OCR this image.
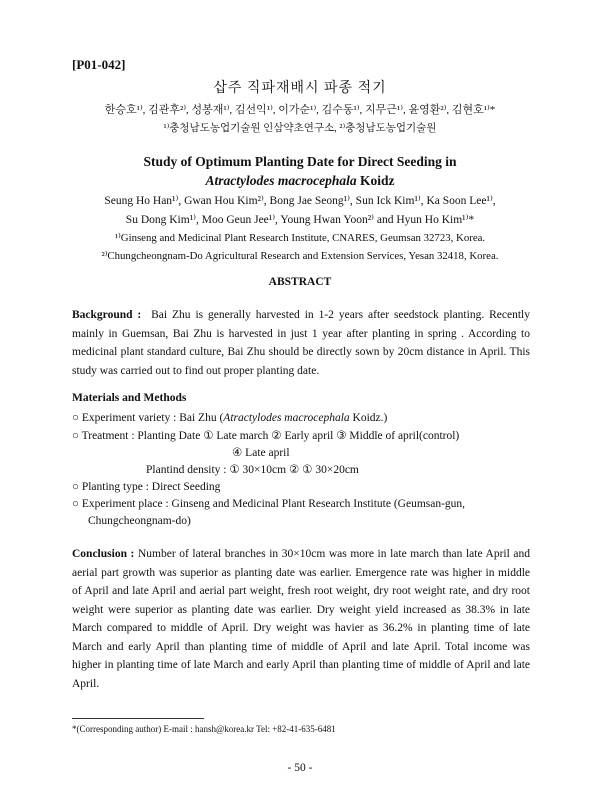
[P01-042]
삽주 직파재배시 파종 적기
한승호¹⁾, 김관후²⁾, 성봉재¹⁾, 김선익¹⁾, 이가순¹⁾, 김수동¹⁾, 지무근¹⁾, 윤영환²⁾, 김현호¹⁾*
¹⁾충청남도농업기술원 인삼약초연구소, ²⁾충청남도농업기술원
Study of Optimum Planting Date for Direct Seeding in
Atractylodes macrocephala Koidz
Seung Ho Han¹⁾, Gwan Hou Kim²⁾, Bong Jae Seong¹⁾, Sun Ick Kim¹⁾, Ka Soon Lee¹⁾,
Su Dong Kim¹⁾, Moo Geun Jee¹⁾, Young Hwan Yoon²⁾ and Hyun Ho Kim¹⁾*
¹⁾Ginseng and Medicinal Plant Research Institute, CNARES, Geumsan 32723, Korea.
²⁾Chungcheongnam-Do Agricultural Research and Extension Services, Yesan 32418, Korea.
ABSTRACT
Background : Bai Zhu is generally harvested in 1-2 years after seedstock planting. Recently mainly in Guemsan, Bai Zhu is harvested in just 1 year after planting in spring . According to medicinal plant standard culture, Bai Zhu should be directly sown by 20cm distance in April. This study was carried out to find out proper planting date.
Materials and Methods
○ Experiment variety : Bai Zhu (Atractylodes macrocephala Koidz.)
○ Treatment : Planting Date ① Late march ② Early april ③ Middle of april(control)
④ Late april
Plantind density : ① 30×10cm ② ① 30×20cm
○ Planting type : Direct Seeding
○ Experiment place : Ginseng and Medicinal Plant Research Institute (Geumsan-gun,
Chungcheongnam-do)
Conclusion : Number of lateral branches in 30×10cm was more in late march than late April and aerial part growth was superior as planting date was earlier. Emergence rate was higher in middle of April and late April and aerial part weight, fresh root weight, dry root weight rate, and dry root weight were superior as planting date was earlier. Dry weight yield increased as 38.3% in late March compared to middle of April. Dry weight was havier as 36.2% in planting time of late March and early April than planting time of middle of April and late April. Total income was higher in planting time of late March and early April than planting time of middle of April and late April.
*(Corresponding author) E-mail : hansh@korea.kr Tel: +82-41-635-6481
- 50 -
